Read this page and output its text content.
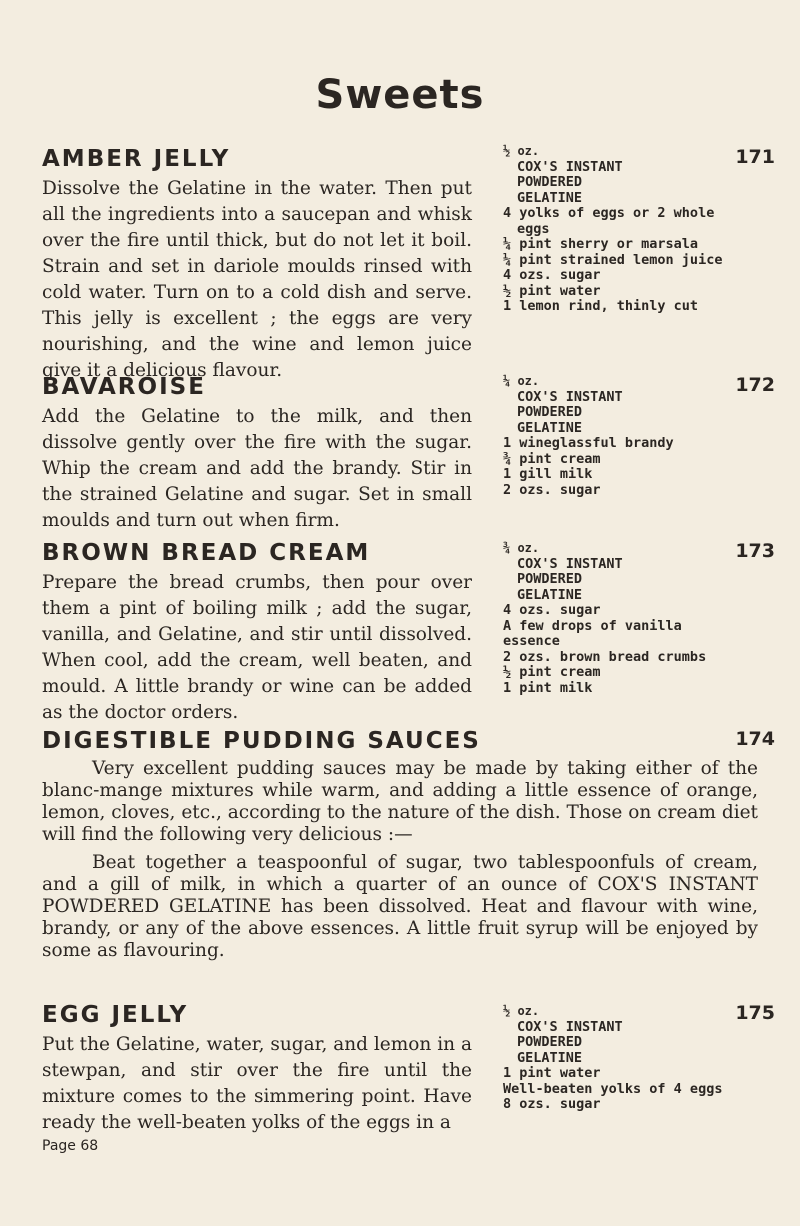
Sweets
AMBER JELLY	171

Dissolve the Gelatine in the water. Then put all the ingredients into a saucepan and whisk over the fire until thick, but do not let it boil. Strain and set in dariole moulds rinsed with cold water. Turn on to a cold dish and serve. This jelly is excellent ; the eggs are very nourishing, and the wine and lemon juice give it a delicious flavour.

½ oz.
COX'S INSTANT
POWDERED
GELATINE
4 yolks of eggs or 2 whole
eggs
¼ pint sherry or marsala
¼ pint strained lemon juice
4 ozs. sugar
½ pint water
1 lemon rind, thinly cut
BAVAROISE	172

Add the Gelatine to the milk, and then dissolve gently over the fire with the sugar. Whip the cream and add the brandy. Stir in the strained Gelatine and sugar. Set in small moulds and turn out when firm.

¼ oz.
COX'S INSTANT
POWDERED
GELATINE
1 wineglassful brandy
¾ pint cream
1 gill milk
2 ozs. sugar
BROWN BREAD CREAM	173

Prepare the bread crumbs, then pour over them a pint of boiling milk ; add the sugar, vanilla, and Gelatine, and stir until dissolved. When cool, add the cream, well beaten, and mould. A little brandy or wine can be added as the doctor orders.

¾ oz.
COX'S INSTANT
POWDERED
GELATINE
4 ozs. sugar
A few drops of vanilla essence
2 ozs. brown bread crumbs
½ pint cream
1 pint milk
DIGESTIBLE PUDDING SAUCES	174

Very excellent pudding sauces may be made by taking either of the blanc-mange mixtures while warm, and adding a little essence of orange, lemon, cloves, etc., according to the nature of the dish. Those on cream diet will find the following very delicious :—

Beat together a teaspoonful of sugar, two tablespoonfuls of cream, and a gill of milk, in which a quarter of an ounce of COX'S INSTANT POWDERED GELATINE has been dissolved. Heat and flavour with wine, brandy, or any of the above essences. A little fruit syrup will be enjoyed by some as flavouring.

EGG JELLY	175

Put the Gelatine, water, sugar, and lemon in a stewpan, and stir over the fire until the mixture comes to the simmering point. Have ready the well-beaten yolks of the eggs in a

½ oz.
COX'S INSTANT
POWDERED
GELATINE
1 pint water
Well-beaten yolks of 4 eggs
8 ozs. sugar
Page 68
